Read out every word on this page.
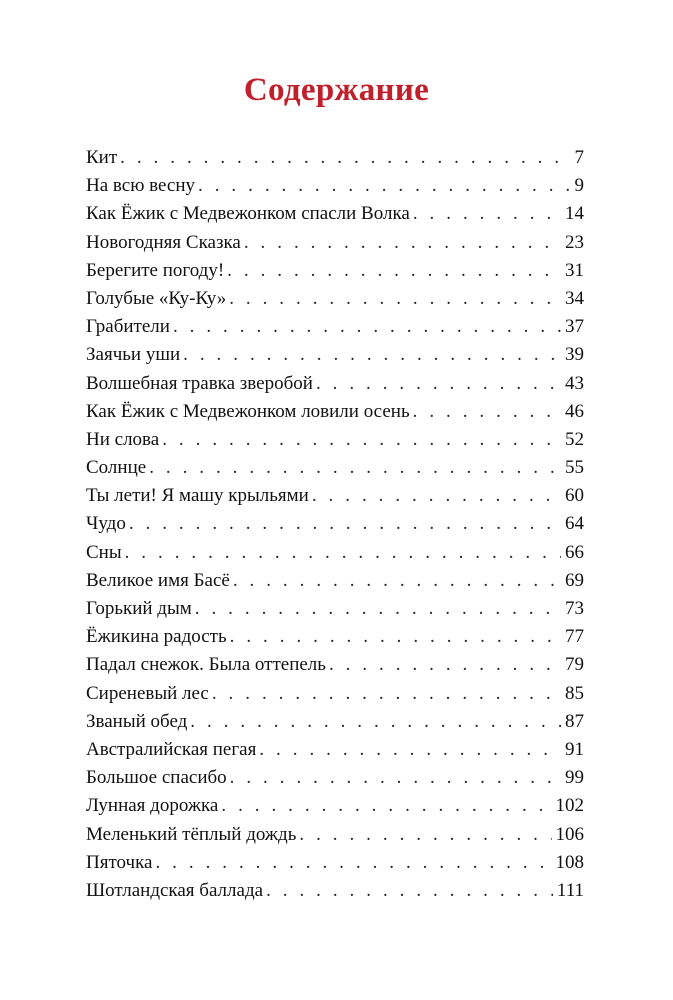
Содержание
Кит . . .	7
На всю весну . . .	9
Как Ёжик с Медвежонком спасли Волка . . .	14
Новогодняя Сказка . . .	23
Берегите погоду! . . .	31
Голубые «Ку-Ку» . . .	34
Грабители . . .	37
Заячьи уши . . .	39
Волшебная травка зверобой . . .	43
Как Ёжик с Медвежонком ловили осень . . .	46
Ни слова . . .	52
Солнце . . .	55
Ты лети! Я машу крыльями . . .	60
Чудо . . .	64
Сны . . .	66
Великое имя Басё . . .	69
Горький дым . . .	73
Ёжикина радость . . .	77
Падал снежок. Была оттепель . . .	79
Сиреневый лес . . .	85
Званый обед . . .	87
Австралийская пегая . . .	91
Большое спасибо . . .	99
Лунная дорожка . . .	102
Меленький тёплый дождь . . .	106
Пяточка . . .	108
Шотландская баллада . . .	111
